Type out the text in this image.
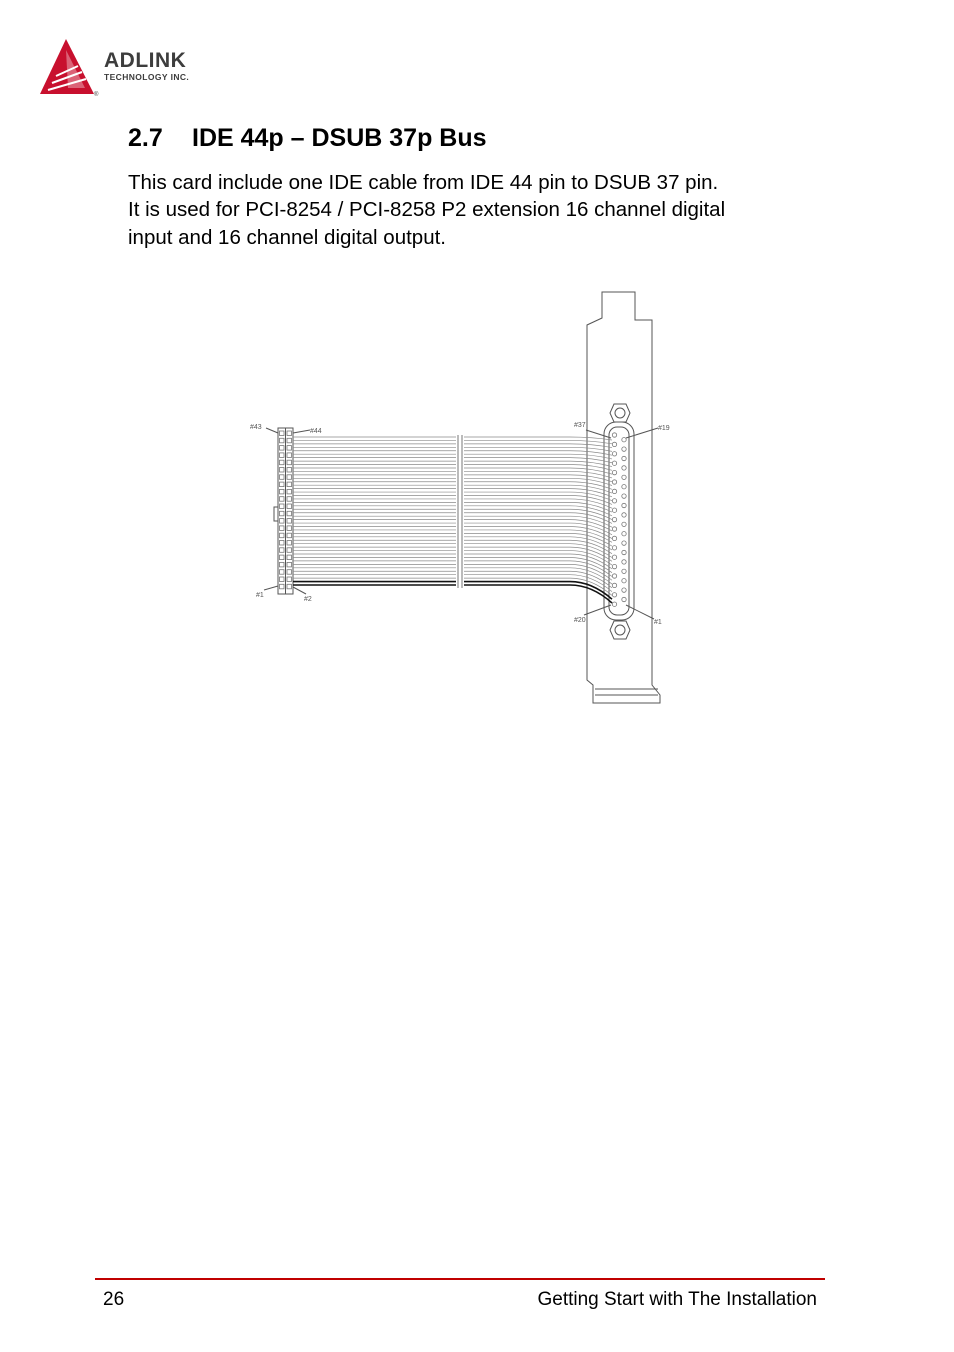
®
ADLINK
TECHNOLOGY INC.
2.7 IDE 44p – DSUB 37p Bus

This card include one IDE cable from IDE 44 pin to DSUB 37 pin.

It is used for PCI-8254 / PCI-8258 P2 extension 16 channel digital

input and 16 channel digital output.

#43
#44
#1
#2
#37	#19
#20	#1
26	Getting Start with The Installation
